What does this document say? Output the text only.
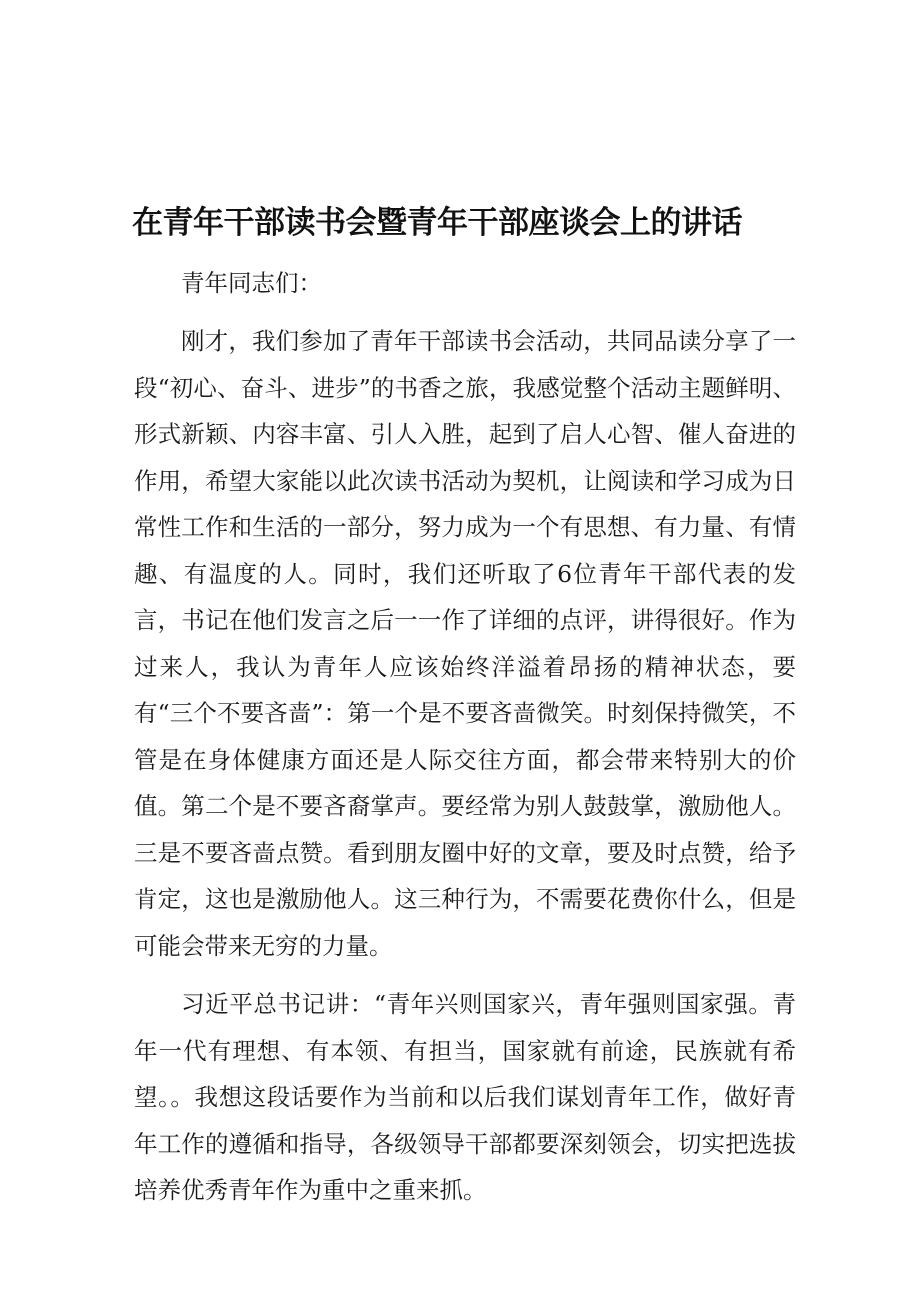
在青年干部读书会暨青年干部座谈会上的讲话

青年同志们：

刚才，我们参加了青年干部读书会活动，共同品读分享了一段“初心、奋斗、进步”的书香之旅，我感觉整个活动主题鲜明、形式新颖、内容丰富、引人入胜，起到了启人心智、催人奋进的作用，希望大家能以此次读书活动为契机，让阅读和学习成为日常性工作和生活的一部分，努力成为一个有思想、有力量、有情趣、有温度的人。同时，我们还听取了6位青年干部代表的发言，书记在他们发言之后一一作了详细的点评，讲得很好。作为过来人，我认为青年人应该始终洋溢着昂扬的精神状态，要有“三个不要吝啬”：第一个是不要吝啬微笑。时刻保持微笑，不管是在身体健康方面还是人际交往方面，都会带来特别大的价值。第二个是不要吝裔掌声。要经常为别人鼓鼓掌，激励他人。三是不要吝啬点赞。看到朋友圈中好的文章，要及时点赞，给予肯定，这也是激励他人。这三种行为，不需要花费你什么，但是可能会带来无穷的力量。

习近平总书记讲：“青年兴则国家兴，青年强则国家强。青年一代有理想、有本领、有担当，国家就有前途，民族就有希望。。我想这段话要作为当前和以后我们谋划青年工作，做好青年工作的遵循和指导，各级领导干部都要深刻领会，切实把选拔培养优秀青年作为重中之重来抓。
